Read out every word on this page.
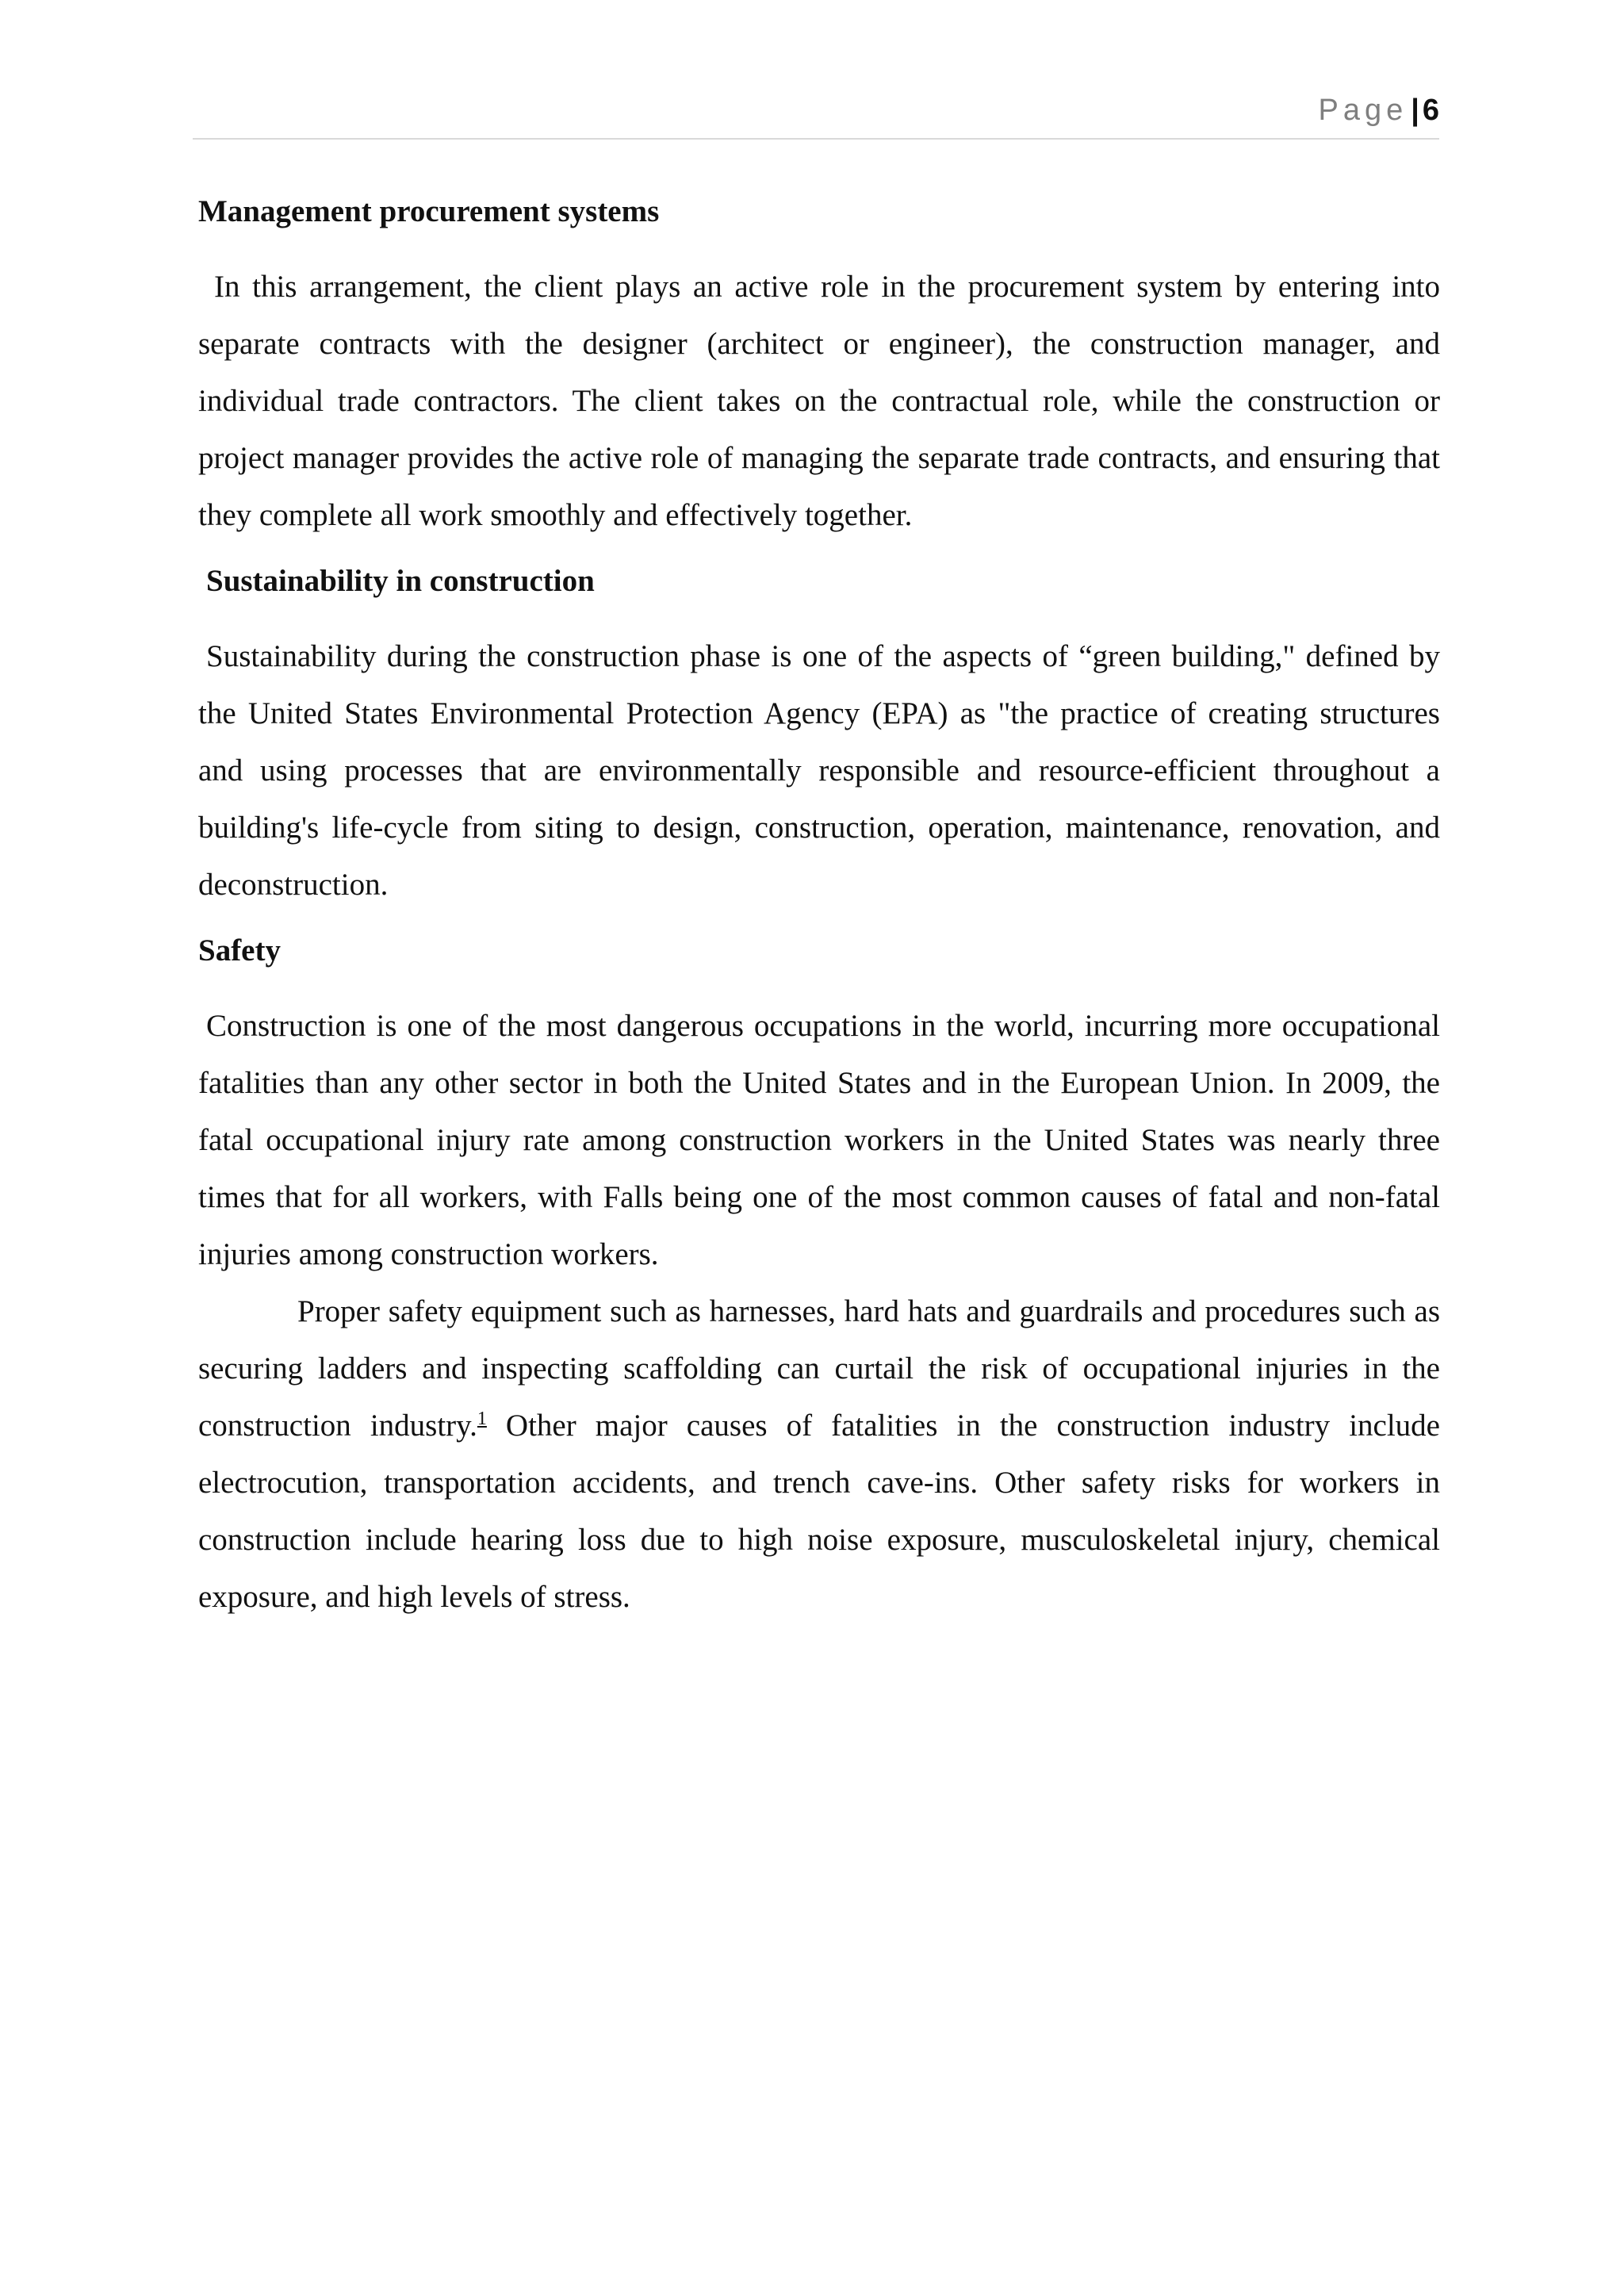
Page | 6
Management procurement systems

In this arrangement, the client plays an active role in the procurement system by entering into separate contracts with the designer (architect or engineer), the construction manager, and individual trade contractors. The client takes on the contractual role, while the construction or project manager provides the active role of managing the separate trade contracts, and ensuring that they complete all work smoothly and effectively together.

Sustainability in construction

Sustainability during the construction phase is one of the aspects of “green building," defined by the United States Environmental Protection Agency (EPA) as "the practice of creating structures and using processes that are environmentally responsible and resource-efficient throughout a building's life-cycle from siting to design, construction, operation, maintenance, renovation, and deconstruction.

Safety

Construction is one of the most dangerous occupations in the world, incurring more occupational fatalities than any other sector in both the United States and in the European Union. In 2009, the fatal occupational injury rate among construction workers in the United States was nearly three times that for all workers, with Falls being one of the most common causes of fatal and non-fatal injuries among construction workers.

Proper safety equipment such as harnesses, hard hats and guardrails and procedures such as securing ladders and inspecting scaffolding can curtail the risk of occupational injuries in the construction industry.$^1$ Other major causes of fatalities in the construction industry include electrocution, transportation accidents, and trench cave-ins. Other safety risks for workers in construction include hearing loss due to high noise exposure, musculoskeletal injury, chemical exposure, and high levels of stress.
